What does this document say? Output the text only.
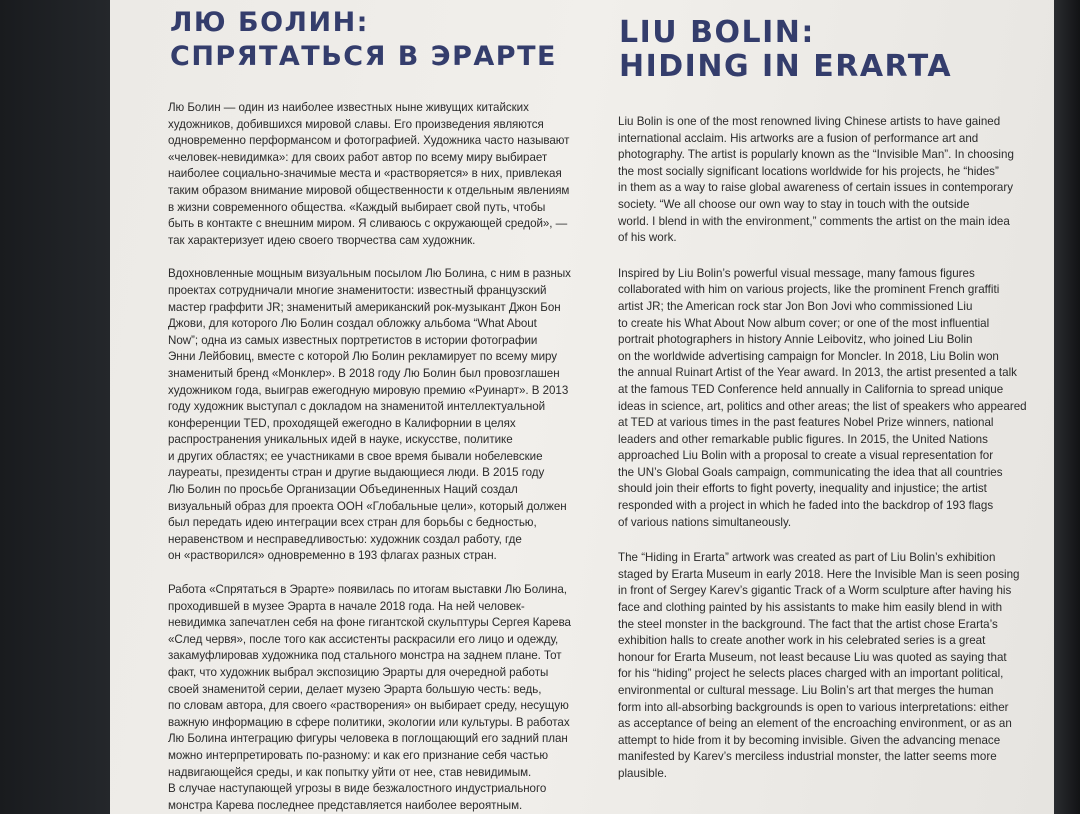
ЛЮ БОЛИН:
СПРЯТАТЬСЯ В ЭРАРТЕ
LIU BOLIN:
HIDING IN ERARTA

Лю Болин — один из наиболее известных ныне живущих китайских
художников, добившихся мировой славы. Его произведения являются
одновременно перформансом и фотографией. Художника часто называют
«человек-невидимка»: для своих работ автор по всему миру выбирает
наиболее социально-значимые места и «растворяется» в них, привлекая
таким образом внимание мировой общественности к отдельным явлениям
в жизни современного общества. «Каждый выбирает свой путь, чтобы
быть в контакте с внешним миром. Я сливаюсь с окружающей средой», —
так характеризует идею своего творчества сам художник.

Вдохновленные мощным визуальным посылом Лю Болина, с ним в разных
проектах сотрудничали многие знаменитости: известный французский
мастер граффити JR; знаменитый американский рок-музыкант Джон Бон
Джови, для которого Лю Болин создал обложку альбома “What About
Now”; одна из самых известных портретистов в истории фотографии
Энни Лейбовиц, вместе с которой Лю Болин рекламирует по всему миру
знаменитый бренд «Монклер». В 2018 году Лю Болин был провозглашен
художником года, выиграв ежегодную мировую премию «Руинарт». В 2013
году художник выступал с докладом на знаменитой интеллектуальной
конференции TED, проходящей ежегодно в Калифорнии в целях
распространения уникальных идей в науке, искусстве, политике
и других областях; ее участниками в свое время бывали нобелевские
лауреаты, президенты стран и другие выдающиеся люди. В 2015 году
Лю Болин по просьбе Организации Объединенных Наций создал
визуальный образ для проекта ООН «Глобальные цели», который должен
был передать идею интеграции всех стран для борьбы с бедностью,
неравенством и несправедливостью: художник создал работу, где
он «растворился» одновременно в 193 флагах разных стран.

Работа «Спрятаться в Эрарте» появилась по итогам выставки Лю Болина,
проходившей в музее Эрарта в начале 2018 года. На ней человек-
невидимка запечатлен себя на фоне гигантской скульптуры Сергея Карева
«След червя», после того как ассистенты раскрасили его лицо и одежду,
закамуфлировав художника под стального монстра на заднем плане. Тот
факт, что художник выбрал экспозицию Эрарты для очередной работы
своей знаменитой серии, делает музею Эрарта большую честь: ведь,
по словам автора, для своего «растворения» он выбирает среду, несущую
важную информацию в сфере политики, экологии или культуры. В работах
Лю Болина интеграцию фигуры человека в поглощающий его задний план
можно интерпретировать по-разному: и как его признание себя частью
надвигающейся среды, и как попытку уйти от нее, став невидимым.
В случае наступающей угрозы в виде безжалостного индустриального
монстра Карева последнее представляется наиболее вероятным.

Liu Bolin is one of the most renowned living Chinese artists to have gained
international acclaim. His artworks are a fusion of performance art and
photography. The artist is popularly known as the “Invisible Man”. In choosing
the most socially significant locations worldwide for his projects, he “hides”
in them as a way to raise global awareness of certain issues in contemporary
society. “We all choose our own way to stay in touch with the outside
world. I blend in with the environment,” comments the artist on the main idea
of his work.

Inspired by Liu Bolin’s powerful visual message, many famous figures
collaborated with him on various projects, like the prominent French graffiti
artist JR; the American rock star Jon Bon Jovi who commissioned Liu
to create his What About Now album cover; or one of the most influential
portrait photographers in history Annie Leibovitz, who joined Liu Bolin
on the worldwide advertising campaign for Moncler. In 2018, Liu Bolin won
the annual Ruinart Artist of the Year award. In 2013, the artist presented a talk
at the famous TED Conference held annually in California to spread unique
ideas in science, art, politics and other areas; the list of speakers who appeared
at TED at various times in the past features Nobel Prize winners, national
leaders and other remarkable public figures. In 2015, the United Nations
approached Liu Bolin with a proposal to create a visual representation for
the UN’s Global Goals campaign, communicating the idea that all countries
should join their efforts to fight poverty, inequality and injustice; the artist
responded with a project in which he faded into the backdrop of 193 flags
of various nations simultaneously.

The “Hiding in Erarta” artwork was created as part of Liu Bolin’s exhibition
staged by Erarta Museum in early 2018. Here the Invisible Man is seen posing
in front of Sergey Karev’s gigantic Track of a Worm sculpture after having his
face and clothing painted by his assistants to make him easily blend in with
the steel monster in the background. The fact that the artist chose Erarta’s
exhibition halls to create another work in his celebrated series is a great
honour for Erarta Museum, not least because Liu was quoted as saying that
for his “hiding” project he selects places charged with an important political,
environmental or cultural message. Liu Bolin’s art that merges the human
form into all-absorbing backgrounds is open to various interpretations: either
as acceptance of being an element of the encroaching environment, or as an
attempt to hide from it by becoming invisible. Given the advancing menace
manifested by Karev’s merciless industrial monster, the latter seems more
plausible.
